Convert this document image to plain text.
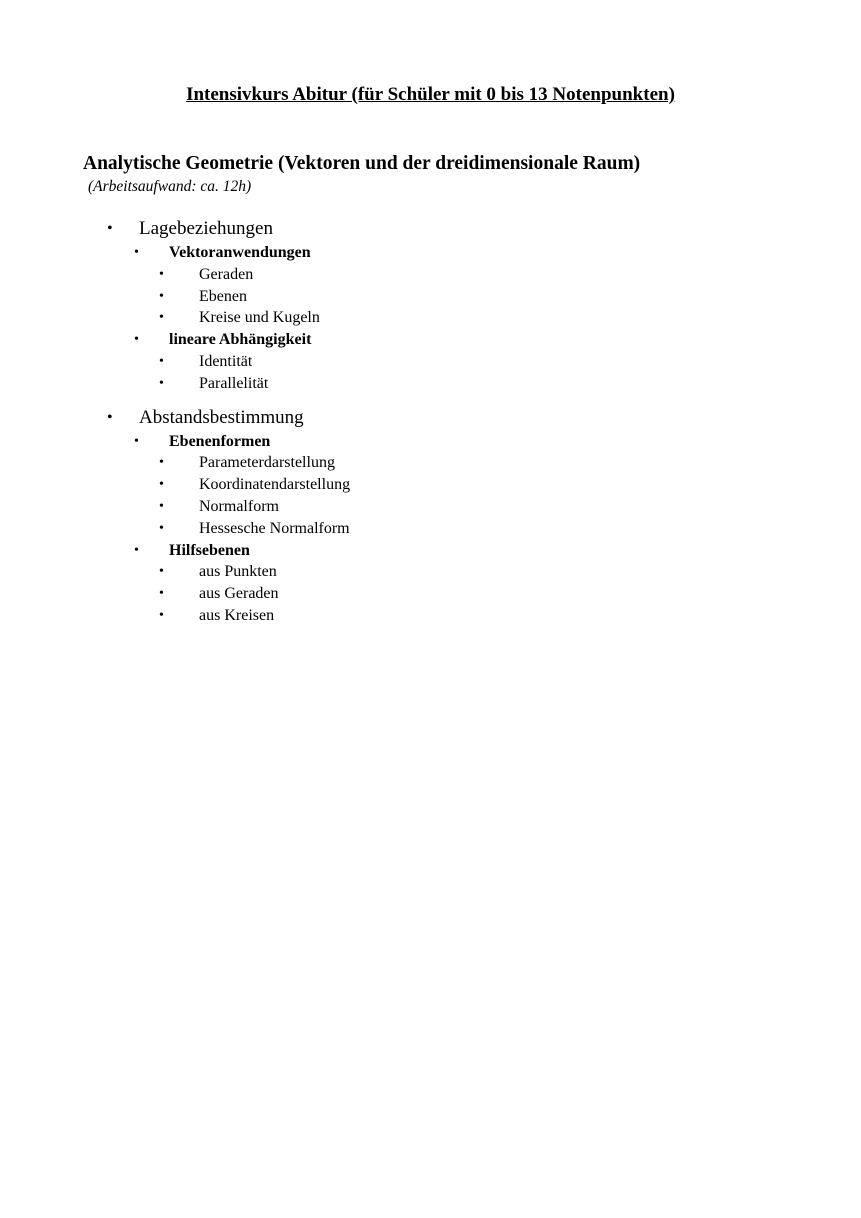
Intensivkurs Abitur (für Schüler mit 0 bis 13 Notenpunkten)
Analytische Geometrie (Vektoren und der dreidimensionale Raum)

(Arbeitsaufwand: ca. 12h)

• Lagebeziehungen
• Vektoranwendungen
• Geraden
• Ebenen
• Kreise und Kugeln
• lineare Abhängigkeit
• Identität
• Parallelität
• Abstandsbestimmung
• Ebenenformen
• Parameterdarstellung
• Koordinatendarstellung
• Normalform
• Hessesche Normalform
• Hilfsebenen
• aus Punkten
• aus Geraden
• aus Kreisen
